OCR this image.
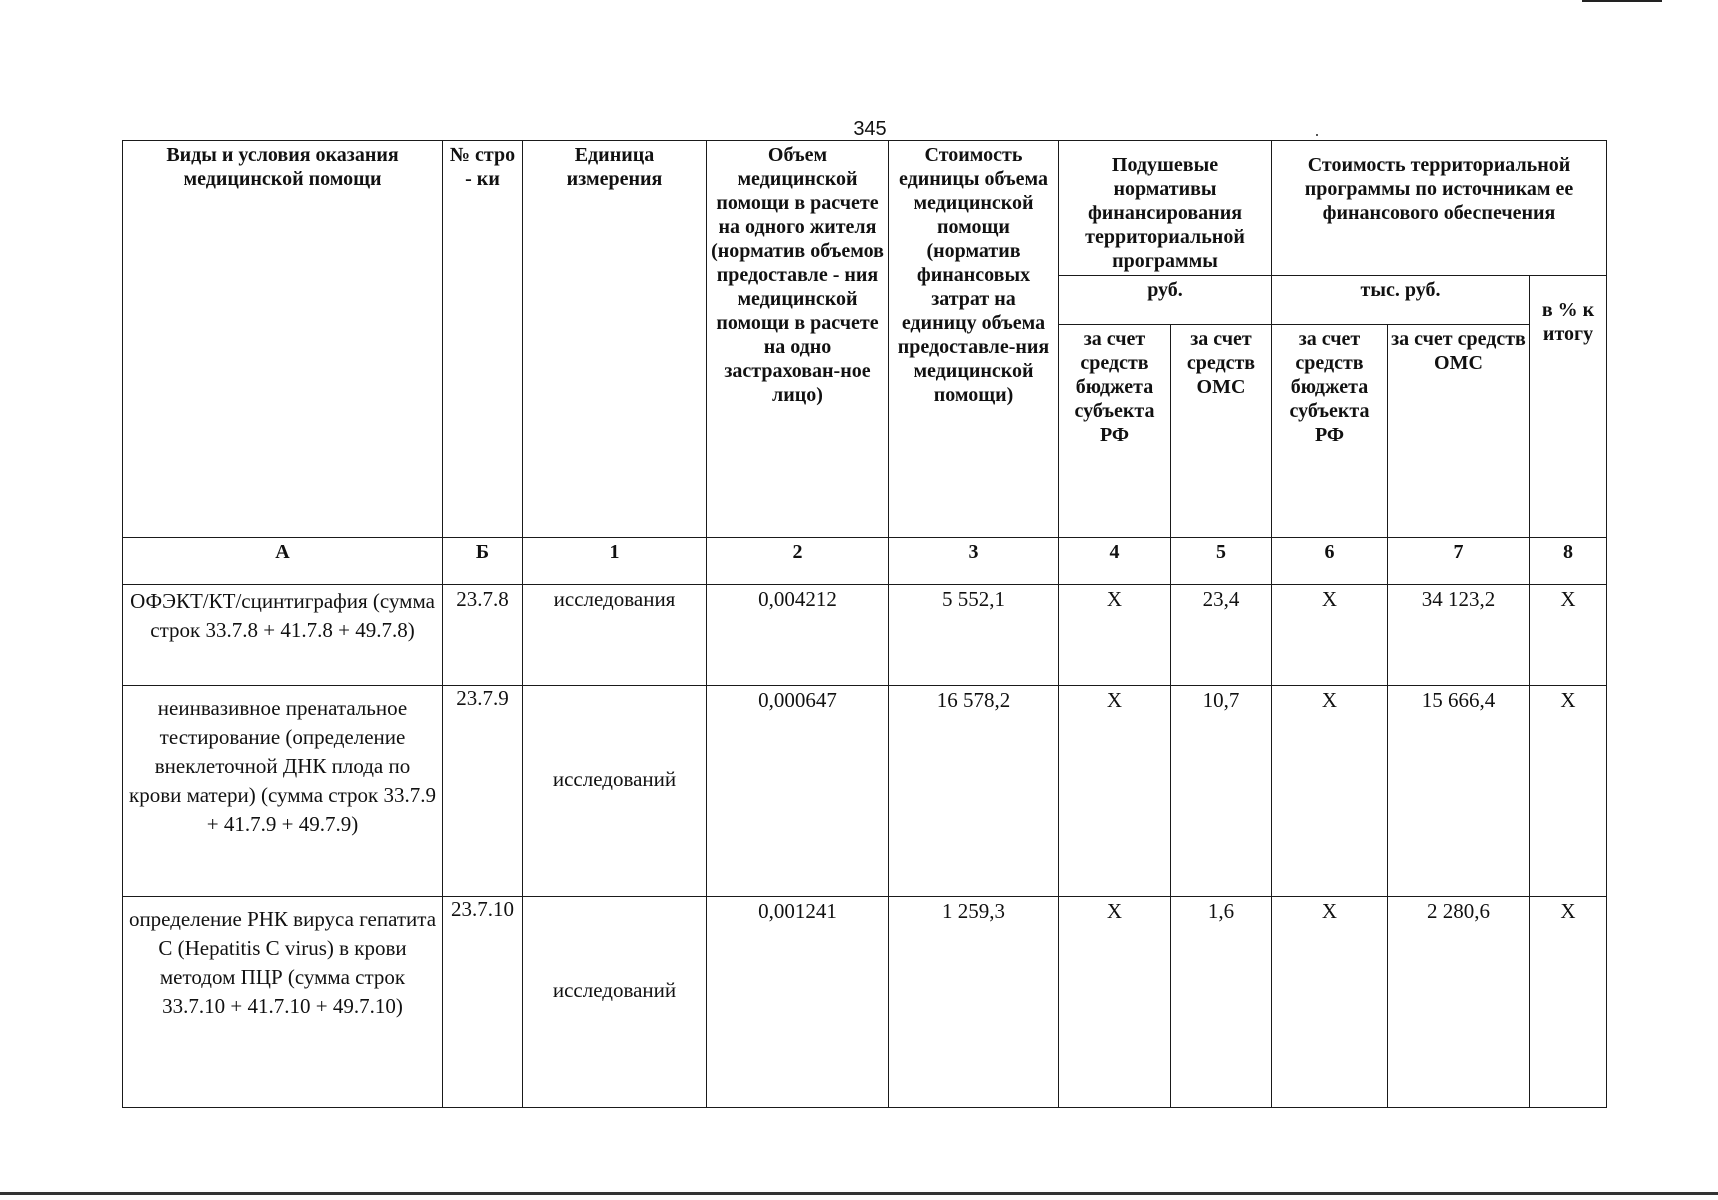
345
Виды и условия оказания медицинской помощи	№ стро - ки	Единица измерения	Объем медицинской помощи в расчете на одного жителя (норматив объемов предоставле - ния медицинской помощи в расчете на одно застрахован-ное лицо)	Стоимость единицы объема медицинской помощи (норматив финансовых затрат на единицу объема предоставле-ния медицинской помощи)	Подушевые нормативы финансирования территориальной программы		Стоимость территориальной программы по источникам ее финансового обеспечения		
					руб.		тыс. руб.		в % к итогу
					за счет средств бюджета субъекта РФ	за счет средств ОМС	за счет средств бюджета субъекта РФ	за счет средств ОМС	
А	Б	1	2	3	4	5	6	7	8
ОФЭКТ/КТ/сцинтиграфия (сумма строк 33.7.8 + 41.7.8 + 49.7.8)	23.7.8	исследования	0,004212	5 552,1	Х	23,4	Х	34 123,2	Х
неинвазивное пренатальное тестирование (определение внеклеточной ДНК плода по крови матери) (сумма строк 33.7.9 + 41.7.9 + 49.7.9)	23.7.9	исследований	0,000647	16 578,2	Х	10,7	Х	15 666,4	Х
определение РНК вируса гепатита С (Hepatitis C virus) в крови методом ПЦР (сумма строк 33.7.10 + 41.7.10 + 49.7.10)	23.7.10	исследований	0,001241	1 259,3	Х	1,6	Х	2 280,6	Х
